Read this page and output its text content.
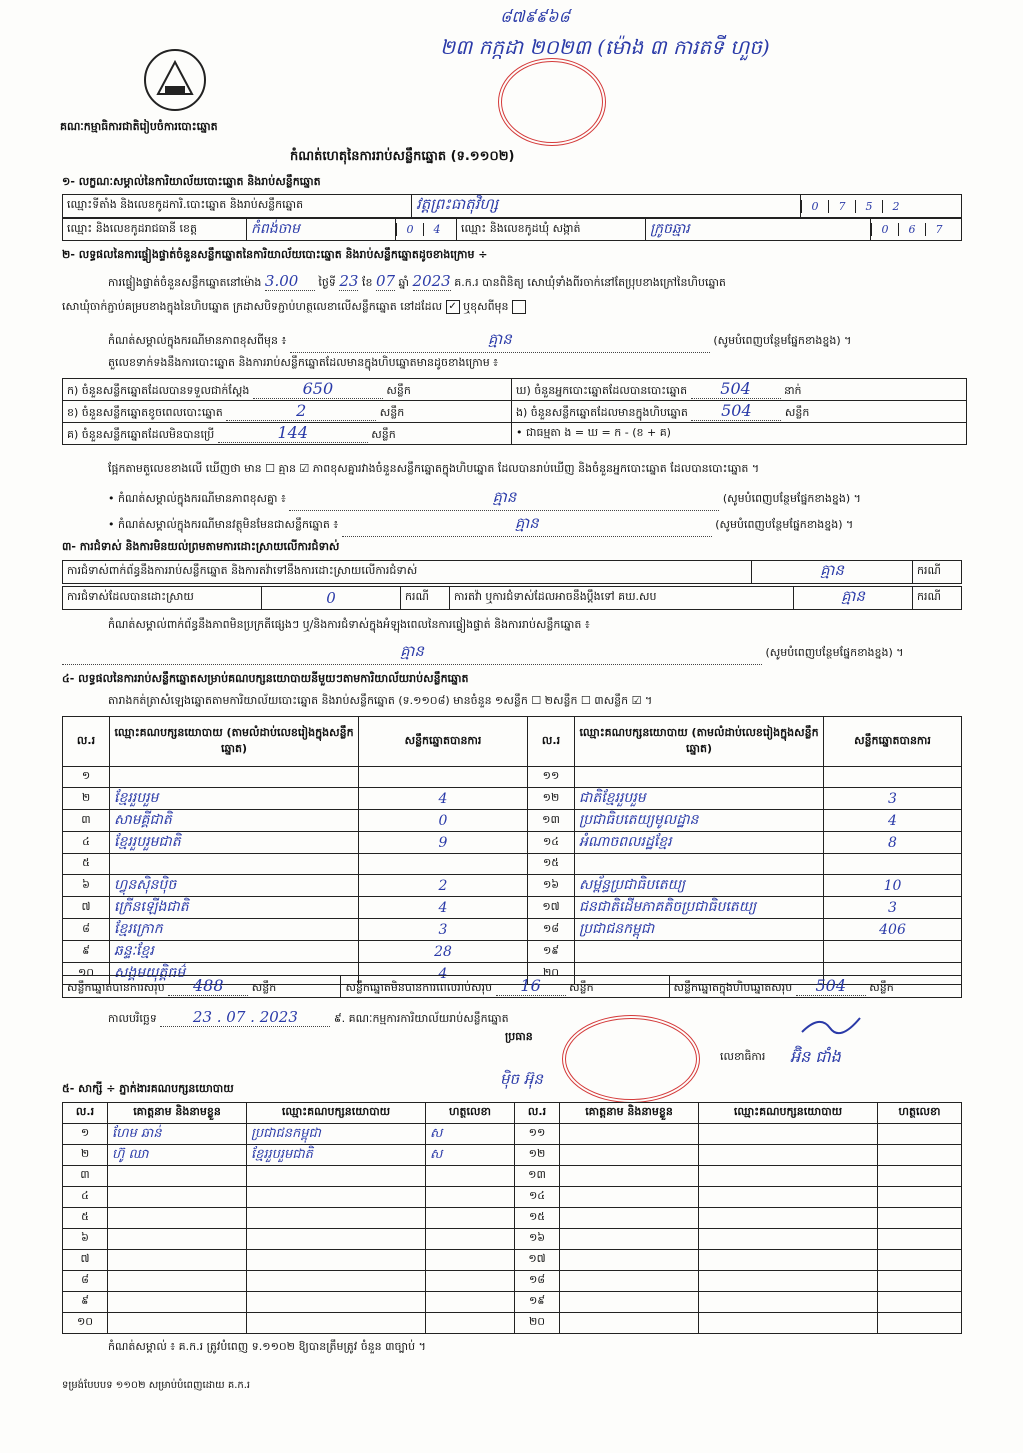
៨៧៩៩៦៨
២៣ កក្កដា ២០២៣ (ម៉ោង ៣ ការតទី ហួច)
គណៈកម្មាធិការជាតិរៀបចំការបោះឆ្នោត
កំណត់ហេតុនៃការរាប់សន្លឹកឆ្នោត (ទ.១១០២)
១- លក្ខណៈសម្គាល់នៃការិយាល័យបោះឆ្នោត និងរាប់សន្លឹកឆ្នោត
ឈ្មោះទីតាំង និងលេខកូដការិ.បោះឆ្នោត និងរាប់សន្លឹកឆ្នោត	វត្តព្រះធាតុវិហ្ស	0 7 5 2
ឈ្មោះ និងលេខកូដរាជធានី ខេត្ត	កំពង់ចាម	0 4	ឈ្មោះ និងលេខកូដឃុំ សង្កាត់	ក្រូចឆ្មារ	0 6 7
២- លទ្ធផលនៃការផ្ទៀងផ្ទាត់ចំនួនសន្លឹកឆ្នោតនៃការិយាល័យបោះឆ្នោត និងរាប់សន្លឹកឆ្នោតដូចខាងក្រោម ÷
ការផ្ទៀងផ្ទាត់ចំនួនសន្លឹកឆ្នោតនៅម៉ោង 3.00 ថ្ងៃទី 23 ខែ 07 ឆ្នាំ 2023 គ.ក.រ បានពិនិត្យ សោឃុំទាំងពីរចាក់នៅតែប្រុបខាងក្រៅនៃហិបឆ្នោត
សោឃុំចាក់ភ្ជាប់គម្របខាងក្នុងនៃហិបឆ្នោត ក្រដាសបិទភ្ជាប់ហត្ថលេខាលើសន្លឹកឆ្នោត នៅដដែល ✓ ឬខុសពីមុន
កំណត់សម្គាល់ក្នុងករណីមានភាពខុសពីមុន ៖	គ្មាន	(សូមបំពេញបន្ថែមផ្នែកខាងខ្នង) ។
តួលេខទាក់ទងនឹងការបោះឆ្នោត និងការរាប់សន្លឹកឆ្នោតដែលមានក្នុងហិបឆ្នោតមានដូចខាងក្រោម ៖
ក) ចំនួនសន្លឹកឆ្នោតដែលបានទទួលជាក់ស្តែង 650 សន្លឹក	ឃ) ចំនួនអ្នកបោះឆ្នោតដែលបានបោះឆ្នោត 504 នាក់
ខ) ចំនួនសន្លឹកឆ្នោតខូចពេលបោះឆ្នោត 2 សន្លឹក	ង) ចំនួនសន្លឹកឆ្នោតដែលមានក្នុងហិបឆ្នោត 504 សន្លឹក
គ) ចំនួនសន្លឹកឆ្នោតដែលមិនបានប្រើ 144 សន្លឹក	• ជាធម្មតា ង = ឃ = ក - (ខ + គ)
ផ្អែកតាមតួលេខខាងលើ ឃើញថា មាន ☐ គ្មាន ☑ ភាពខុសគ្នារវាងចំនួនសន្លឹកឆ្នោតក្នុងហិបឆ្នោត ដែលបានរាប់ឃើញ និងចំនួនអ្នកបោះឆ្នោត ដែលបានបោះឆ្នោត ។
• កំណត់សម្គាល់ក្នុងករណីមានភាពខុសគ្នា ៖	គ្មាន	(សូមបំពេញបន្ថែមផ្នែកខាងខ្នង) ។
• កំណត់សម្គាល់ក្នុងករណីមានវត្ថុមិនមែនជាសន្លឹកឆ្នោត ៖	គ្មាន	(សូមបំពេញបន្ថែមផ្នែកខាងខ្នង) ។
៣- ការជំទាស់ និងការមិនយល់ព្រមតាមការដោះស្រាយលើការជំទាស់
ការជំទាស់ពាក់ព័ន្ធនឹងការរាប់សន្លឹកឆ្នោត និងការតវ៉ាទៅនឹងការដោះស្រាយលើការជំទាស់	គ្មាន	ករណី
ការជំទាស់ដែលបានដោះស្រាយ	0	ករណី	ការតវ៉ា ឬការជំទាស់ដែលអាចនឹងប្តឹងទៅ គឃ.សប	គ្មាន	ករណី
កំណត់សម្គាល់ពាក់ព័ន្ធនឹងភាពមិនប្រក្រតីផ្សេងៗ ឬ/និងការជំទាស់ក្នុងអំឡុងពេលនៃការផ្ទៀងផ្ទាត់ និងការរាប់សន្លឹកឆ្នោត ៖
គ្មាន	(សូមបំពេញបន្ថែមផ្នែកខាងខ្នង) ។
៤- លទ្ធផលនៃការរាប់សន្លឹកឆ្នោតសម្រាប់គណបក្សនយោបាយនីមួយៗតាមការិយាល័យរាប់សន្លឹកឆ្នោត
តារាងកត់ត្រាសំឡេងឆ្នោតតាមការិយាល័យបោះឆ្នោត និងរាប់សន្លឹកឆ្នោត (ទ.១១០៨) មានចំនួន ១សន្លឹក ☐ ២សន្លឹក ☐ ៣សន្លឹក ☑ ។
ល.រ	ឈ្មោះគណបក្សនយោបាយ (តាមលំដាប់លេខរៀងក្នុងសន្លឹកឆ្នោត)	សន្លឹកឆ្នោតបានការ	ល.រ	ឈ្មោះគណបក្សនយោបាយ (តាមលំដាប់លេខរៀងក្នុងសន្លឹកឆ្នោត)	សន្លឹកឆ្នោតបានការ
១			១១		
២	ខ្មែររួបរួម	4	១២	ជាតិខ្មែររួបរួម	3
៣	សាមគ្គីជាតិ	0	១៣	ប្រជាធិបតេយ្យមូលដ្ឋាន	4
៤	ខ្មែររួបរួមជាតិ	9	១៤	អំណាចពលរដ្ឋខ្មែរ	8
៥			១៥		
៦	ហ្វុនស៊ិនប៉ិច	2	១៦	សម្ព័ន្ធប្រជាធិបតេយ្យ	10
៧	ក្រើនឡើងជាតិ	4	១៧	ជនជាតិដើមភាគតិចប្រជាធិបតេយ្យ	3
៨	ខ្មែរក្រោក	3	១៨	ប្រជាជនកម្ពុជា	406
៩	ឆន្ទៈខ្មែរ	28	១៩		
១០	សង្គមយុត្តិធម៌	4	២០		
សន្លឹកឆ្នោតបានការសរុប 488	សន្លឹក	សន្លឹកឆ្នោតមិនបានការពេលរាប់សរុប 16	សន្លឹក	សន្លឹកឆ្នោតក្នុងហិបឆ្នោតសរុប 504 សន្លឹក
កាលបរិច្ឆេទ 23 . 07 . 2023	៩. គណៈកម្មការការិយាល័យរាប់សន្លឹកឆ្នោត
ប្រធាន
ម៉ិច អ៊ុន
លេខាធិការ អ៊ិន ជាំង
៥- សាក្សី ÷ ភ្នាក់ងារគណបក្សនយោបាយ
ល.រ	គោត្តនាម និងនាមខ្លួន	ឈ្មោះគណបក្សនយោបាយ	ហត្ថលេខា	ល.រ	គោត្តនាម និងនាមខ្លួន	ឈ្មោះគណបក្សនយោបាយ	ហត្ថលេខា
១	ហែម ឆាន់	ប្រជាជនកម្ពុជា	ស	១១			
២	ហ៊ូ ឈា	ខ្មែររួបរួមជាតិ	ស	១២			
៣				១៣			
៤				១៤			
៥				១៥			
៦				១៦			
៧				១៧			
៨				១៨			
៩				១៩			
១០				២០			
កំណត់សម្គាល់ ៖ គ.ក.រ ត្រូវបំពេញ ទ.១១០២ ឱ្យបានត្រឹមត្រូវ ចំនួន ៣ច្បាប់ ។
ទម្រង់បែបបទ ១១០២ សម្រាប់បំពេញដោយ គ.ក.រ
